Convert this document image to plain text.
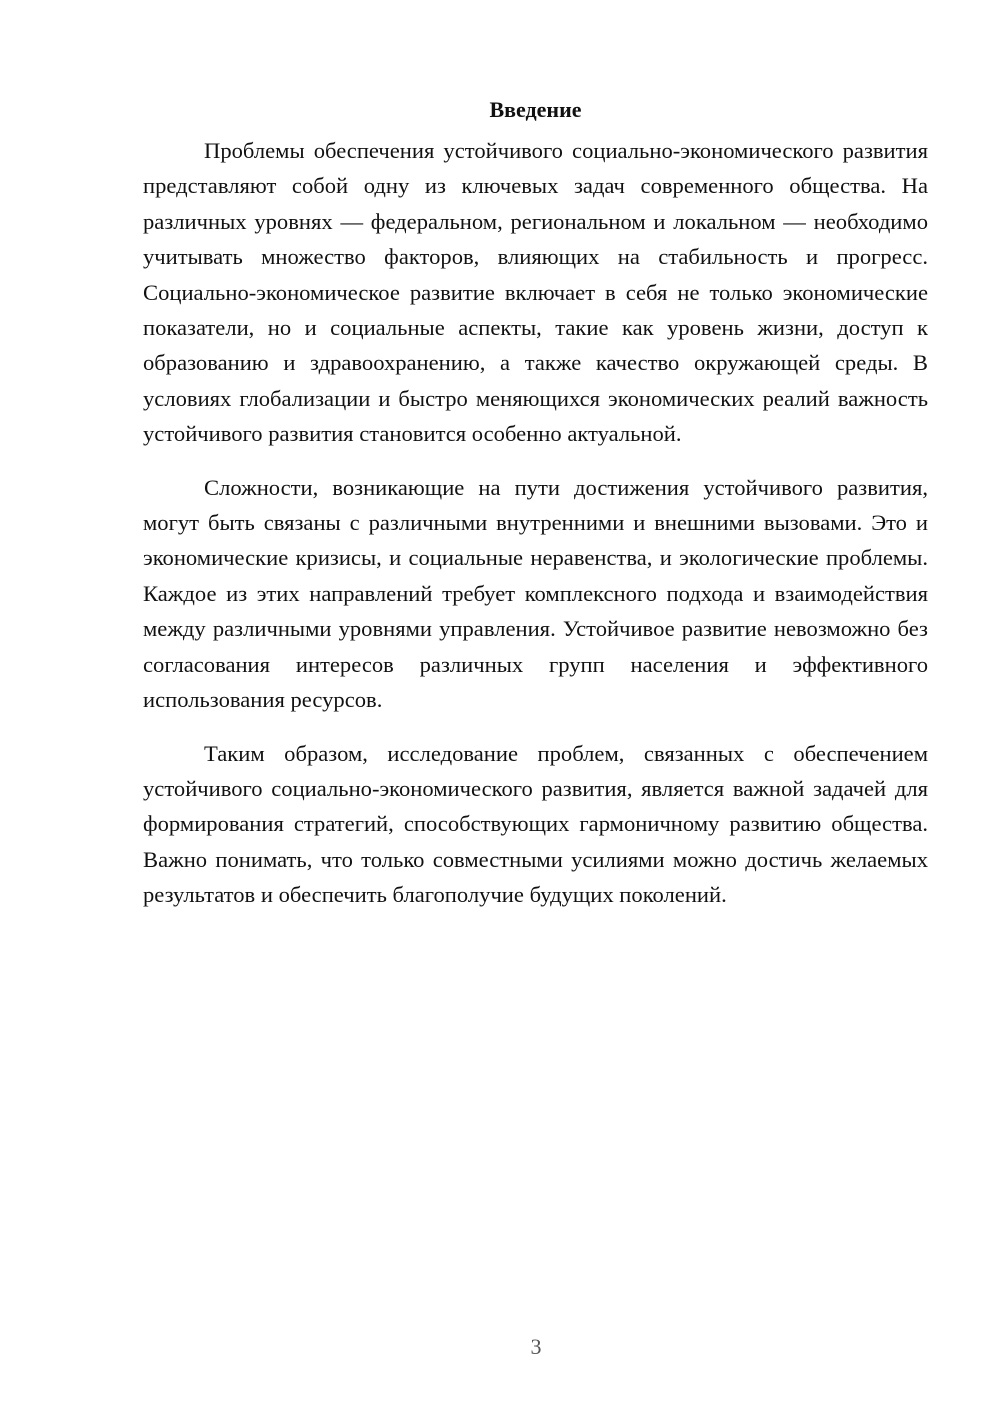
Введение

Проблемы обеспечения устойчивого социально-экономического развития представляют собой одну из ключевых задач современного общества. На различных уровнях — федеральном, региональном и локальном — необходимо учитывать множество факторов, влияющих на стабильность и прогресс. Социально-экономическое развитие включает в себя не только экономические показатели, но и социальные аспекты, такие как уровень жизни, доступ к образованию и здравоохранению, а также качество окружающей среды. В условиях глобализации и быстро меняющихся экономических реалий важность устойчивого развития становится особенно актуальной.

Сложности, возникающие на пути достижения устойчивого развития, могут быть связаны с различными внутренними и внешними вызовами. Это и экономические кризисы, и социальные неравенства, и экологические проблемы. Каждое из этих направлений требует комплексного подхода и взаимодействия между различными уровнями управления. Устойчивое развитие невозможно без согласования интересов различных групп населения и эффективного использования ресурсов.

Таким образом, исследование проблем, связанных с обеспечением устойчивого социально-экономического развития, является важной задачей для формирования стратегий, способствующих гармоничному развитию общества. Важно понимать, что только совместными усилиями можно достичь желаемых результатов и обеспечить благополучие будущих поколений.

3
